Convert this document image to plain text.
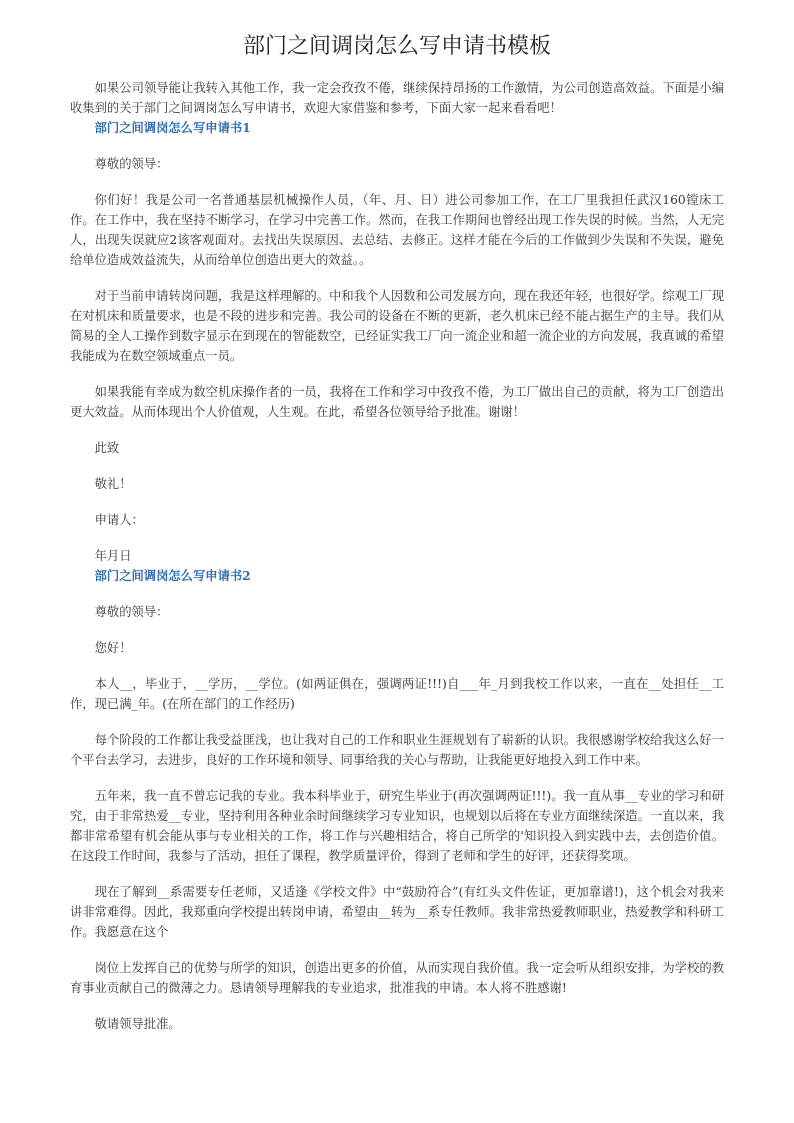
部门之间调岗怎么写申请书模板

如果公司领导能让我转入其他工作，我一定会孜孜不倦，继续保持昂扬的工作激情，为公司创造高效益。下面是小编收集到的关于部门之间调岗怎么写申请书，欢迎大家借鉴和参考，下面大家一起来看看吧！

部门之间调岗怎么写申请书1

尊敬的领导：

你们好！我是公司一名普通基层机械操作人员，（年、月、日）进公司参加工作，在工厂里我担任武汉160镗床工作。在工作中，我在坚持不断学习，在学习中完善工作。然而，在我工作期间也曾经出现工作失误的时候。当然，人无完人，出现失误就应2该客观面对。去找出失误原因、去总结、去修正。这样才能在今后的工作做到少失误和不失误，避免给单位造成效益流失，从而给单位创造出更大的效益。。

对于当前申请转岗问题，我是这样理解的。中和我个人因数和公司发展方向，现在我还年轻，也很好学。综观工厂现在对机床和质量要求，也是不段的进步和完善。我公司的设备在不断的更新，老久机床已经不能占据生产的主导。我们从简易的全人工操作到数字显示在到现在的智能数空，已经证实我工厂向一流企业和超一流企业的方向发展，我真诚的希望我能成为在数空领域重点一员。

如果我能有幸成为数空机床操作者的一员，我将在工作和学习中孜孜不倦，为工厂做出自己的贡献，将为工厂创造出更大效益。从而体现出个人价值观，人生观。在此，希望各位领导给予批准。谢谢！

此致

敬礼！

申请人：

年月日

部门之间调岗怎么写申请书2

尊敬的领导：

您好！

本人__，毕业于，__学历，__学位。(如两证俱在，强调两证!!!)自___年_月到我校工作以来，一直在__处担任__工作，现已满_年。(在所在部门的工作经历)

每个阶段的工作都让我受益匪浅，也让我对自己的工作和职业生涯规划有了崭新的认识。我很感谢学校给我这么好一个平台去学习，去进步，良好的工作环境和领导、同事给我的关心与帮助，让我能更好地投入到工作中来。

五年来，我一直不曾忘记我的专业。我本科毕业于，研究生毕业于(再次强调两证!!!)。我一直从事__专业的学习和研究，由于非常热爱__专业，坚持利用各种业余时间继续学习专业知识，也规划以后将在专业方面继续深造。一直以来，我都非常希望有机会能从事与专业相关的工作，将工作与兴趣相结合，将自己所学的'知识投入到实践中去，去创造价值。在这段工作时间，我参与了活动，担任了课程，教学质量评价，得到了老师和学生的好评，还获得奖项。

现在了解到__系需要专任老师，又适逢《学校文件》中“鼓励符合”(有红头文件佐证，更加靠谱!)，这个机会对我来讲非常难得。因此，我郑重向学校提出转岗申请，希望由__转为__系专任教师。我非常热爱教师职业，热爱教学和科研工作。我愿意在这个

岗位上发挥自己的优势与所学的知识，创造出更多的价值，从而实现自我价值。我一定会听从组织安排，为学校的教育事业贡献自己的微薄之力。恳请领导理解我的专业追求，批准我的申请。本人将不胜感谢!

敬请领导批准。
